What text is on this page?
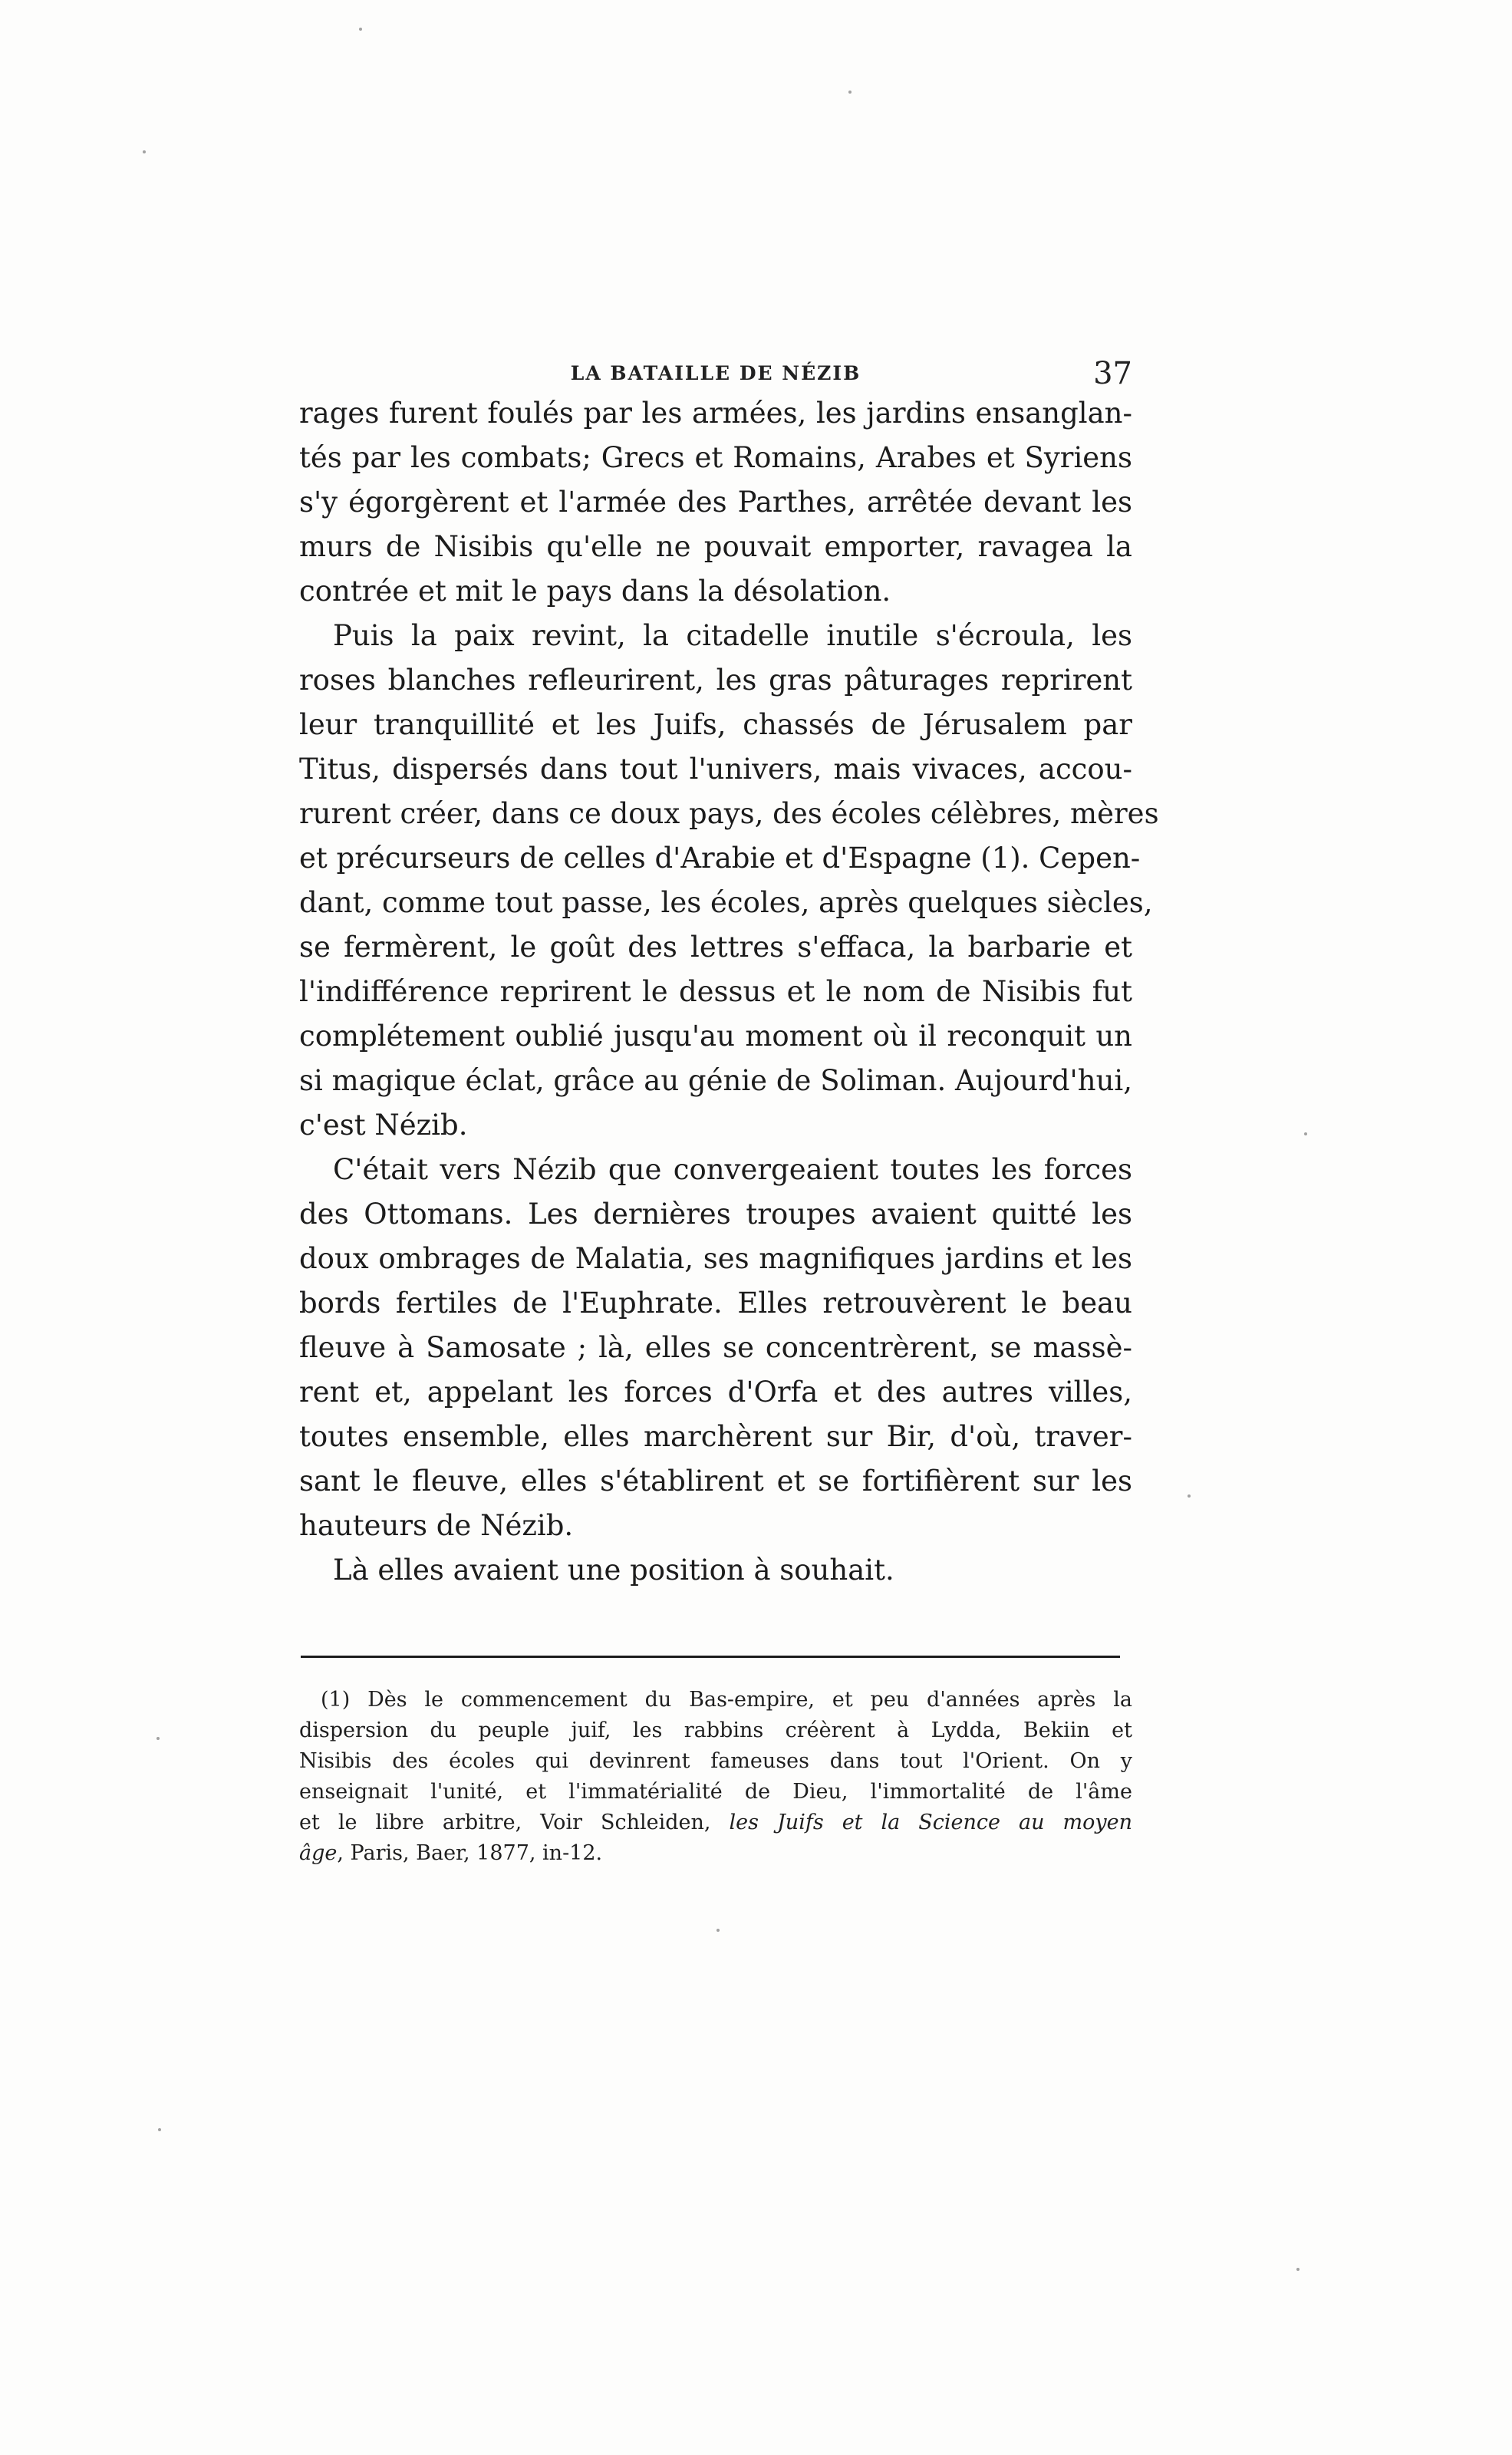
LA BATAILLE DE NÉZIB	37
rages furent foulés par les armées, les jardins ensanglan-
tés par les combats; Grecs et Romains, Arabes et Syriens
s'y égorgèrent et l'armée des Parthes, arrêtée devant les
murs de Nisibis qu'elle ne pouvait emporter, ravagea la
contrée et mit le pays dans la désolation.
Puis la paix revint, la citadelle inutile s'écroula, les
roses blanches refleurirent, les gras pâturages reprirent
leur tranquillité et les Juifs, chassés de Jérusalem par
Titus, dispersés dans tout l'univers, mais vivaces, accou-
rurent créer, dans ce doux pays, des écoles célèbres, mères
et précurseurs de celles d'Arabie et d'Espagne (1). Cepen-
dant, comme tout passe, les écoles, après quelques siècles,
se fermèrent, le goût des lettres s'effaca, la barbarie et
l'indifférence reprirent le dessus et le nom de Nisibis fut
complétement oublié jusqu'au moment où il reconquit un
si magique éclat, grâce au génie de Soliman. Aujourd'hui,
c'est Nézib.
C'était vers Nézib que convergeaient toutes les forces
des Ottomans. Les dernières troupes avaient quitté les
doux ombrages de Malatia, ses magnifiques jardins et les
bords fertiles de l'Euphrate. Elles retrouvèrent le beau
fleuve à Samosate ; là, elles se concentrèrent, se massè-
rent et, appelant les forces d'Orfa et des autres villes,
toutes ensemble, elles marchèrent sur Bir, d'où, traver-
sant le fleuve, elles s'établirent et se fortifièrent sur les
hauteurs de Nézib.
Là elles avaient une position à souhait.
(1) Dès le commencement du Bas-empire, et peu d'années après la
dispersion du peuple juif, les rabbins créèrent à Lydda, Bekiin et
Nisibis des écoles qui devinrent fameuses dans tout l'Orient. On y
enseignait l'unité, et l'immatérialité de Dieu, l'immortalité de l'âme
et le libre arbitre, Voir Schleiden, les Juifs et la Science au moyen
âge, Paris, Baer, 1877, in-12.
